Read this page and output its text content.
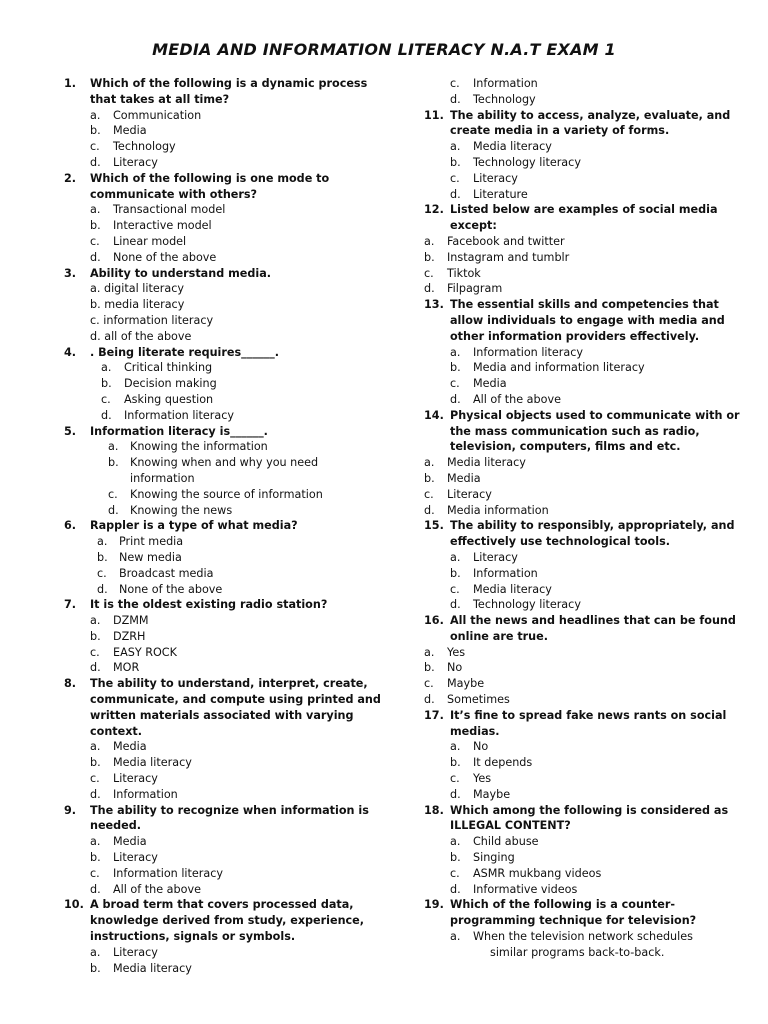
MEDIA AND INFORMATION LITERACY N.A.T EXAM 1
1.	Which of the following is a dynamic process
that takes at all time?
a. Communication
b. Media
c. Technology
d. Literacy
2.	Which of the following is one mode to
communicate with others?
a. Transactional model
b. Interactive model
c. Linear model
d. None of the above
3.	Ability to understand media.
a. digital literacy
b. media literacy
c. information literacy
d. all of the above
4.	. Being literate requires______.
a. Critical thinking
b. Decision making
c. Asking question
d. Information literacy
5.	Information literacy is______.
a. Knowing the information
b. Knowing when and why you need
information
c. Knowing the source of information
d. Knowing the news
6.	Rappler is a type of what media?
a. Print media
b. New media
c. Broadcast media
d. None of the above
7.	It is the oldest existing radio station?
a. DZMM
b. DZRH
c. EASY ROCK
d. MOR
8.	The ability to understand, interpret, create,
communicate, and compute using printed and
written materials associated with varying
context.
a. Media
b. Media literacy
c. Literacy
d. Information
9.	The ability to recognize when information is
needed.
a. Media
b. Literacy
c. Information literacy
d. All of the above
10. A broad term that covers processed data,
knowledge derived from study, experience,
instructions, signals or symbols.
a. Literacy
b. Media literacy
c. Information
d. Technology
11. The ability to access, analyze, evaluate, and
create media in a variety of forms.
a. Media literacy
b. Technology literacy
c. Literacy
d. Literature
12. Listed below are examples of social media
except:
a. Facebook and twitter
b. Instagram and tumblr
c. Tiktok
d. Filpagram
13. The essential skills and competencies that
allow individuals to engage with media and
other information providers effectively.
a. Information literacy
b. Media and information literacy
c. Media
d. All of the above
14. Physical objects used to communicate with or
the mass communication such as radio,
television, computers, films and etc.
a. Media literacy
b. Media
c. Literacy
d. Media information
15. The ability to responsibly, appropriately, and
effectively use technological tools.
a. Literacy
b. Information
c. Media literacy
d. Technology literacy
16. All the news and headlines that can be found
online are true.
a. Yes
b. No
c. Maybe
d. Sometimes
17. It’s fine to spread fake news rants on social
medias.
a. No
b. It depends
c. Yes
d. Maybe
18. Which among the following is considered as
ILLEGAL CONTENT?
a. Child abuse
b. Singing
c. ASMR mukbang videos
d. Informative videos
19. Which of the following is a counter-
programming technique for television?
a. When the television network schedules
similar programs back-to-back.
